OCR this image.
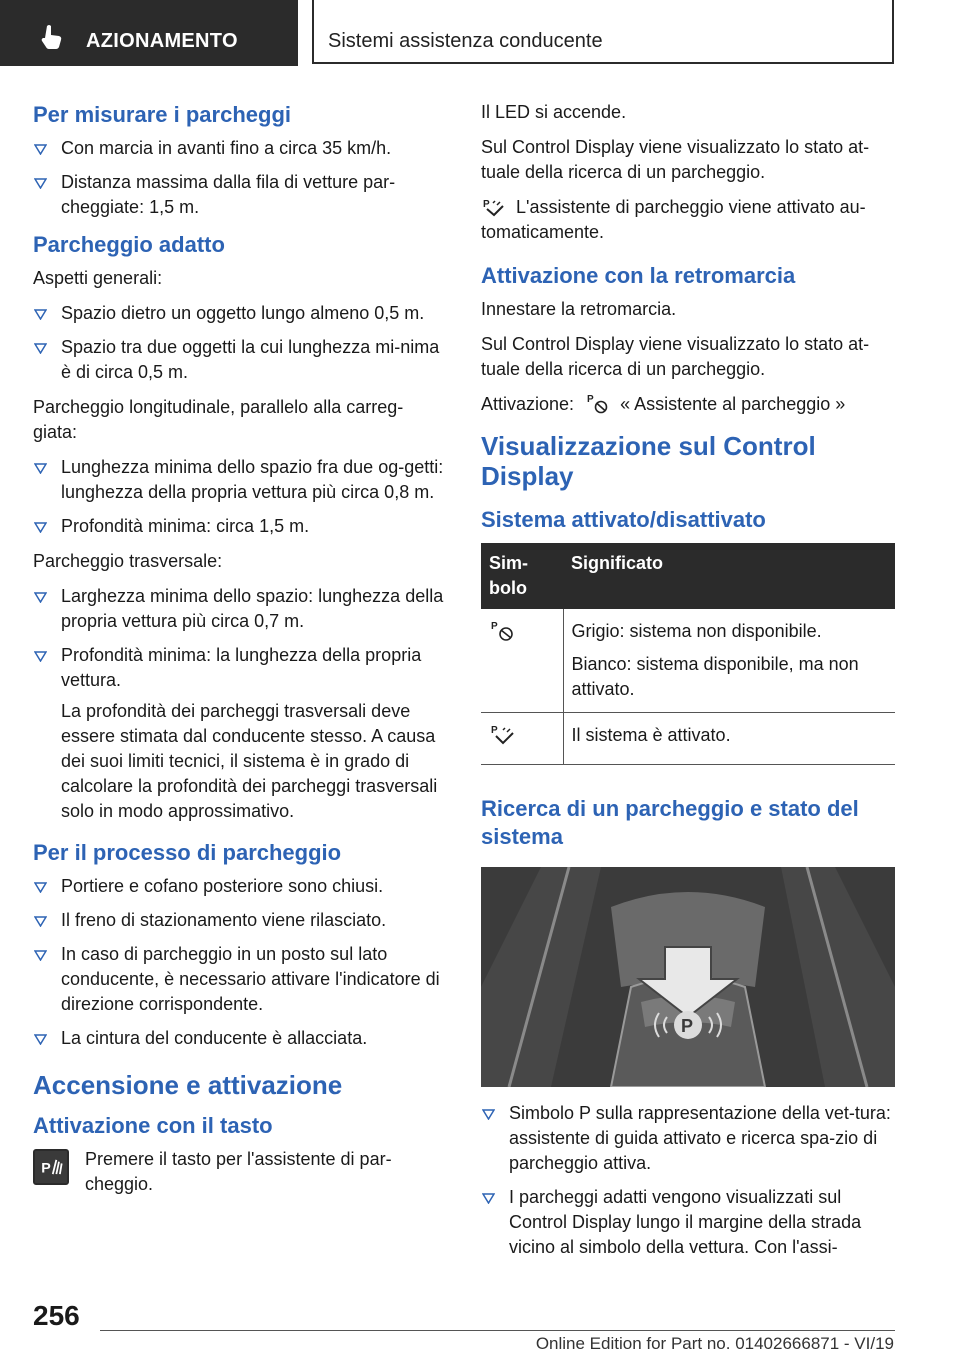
AZIONAMENTO	Sistemi assistenza conducente
Per misurare i parcheggi
Con marcia in avanti fino a circa 35 km/h.
Distanza massima dalla fila di vetture par-cheggiate: 1,5 m.
Parcheggio adatto

Aspetti generali:

Spazio dietro un oggetto lungo almeno 0,5 m.
Spazio tra due oggetti la cui lunghezza mi-nima è di circa 0,5 m.

Parcheggio longitudinale, parallelo alla carreg-giata:

Lunghezza minima dello spazio fra due og-getti: lunghezza della propria vettura più circa 0,8 m.
Profondità minima: circa 1,5 m.

Parcheggio trasversale:

Larghezza minima dello spazio: lunghezza della propria vettura più circa 0,7 m.
Profondità minima: la lunghezza della propria vettura.

La profondità dei parcheggi trasversali deve essere stimata dal conducente stesso. A causa dei suoi limiti tecnici, il sistema è in grado di calcolare la profondità dei parcheggi trasversali solo in modo approssimativo.

Per il processo di parcheggio
Portiere e cofano posteriore sono chiusi.
Il freno di stazionamento viene rilasciato.
In caso di parcheggio in un posto sul lato conducente, è necessario attivare l'indicatore di direzione corrispondente.
La cintura del conducente è allacciata.
Accensione e attivazione
Attivazione con il tasto
P Premere il tasto per l'assistente di par-cheggio.

Il LED si accende.

Sul Control Display viene visualizzato lo stato at-tuale della ricerca di un parcheggio.

P L'assistente di parcheggio viene attivato au-tomaticamente.

Attivazione con la retromarcia

Innestare la retromarcia.

Sul Control Display viene visualizzato lo stato at-tuale della ricerca di un parcheggio.

Attivazione: P « Assistente al parcheggio »

Visualizzazione sul Control Display
Sistema attivato/disattivato
Sim-bolo	Significato

P	Grigio: sistema non disponibile.

Bianco: sistema disponibile, ma non attivato.

P	Il sistema è attivato.

Ricerca di un parcheggio e stato del sistema
P
Simbolo P sulla rappresentazione della vet-tura: assistente di guida attivato e ricerca spa-zio di parcheggio attiva.
I parcheggi adatti vengono visualizzati sul Control Display lungo il margine della strada vicino al simbolo della vettura. Con l'assi-
256
Online Edition for Part no. 01402666871 - VI/19
